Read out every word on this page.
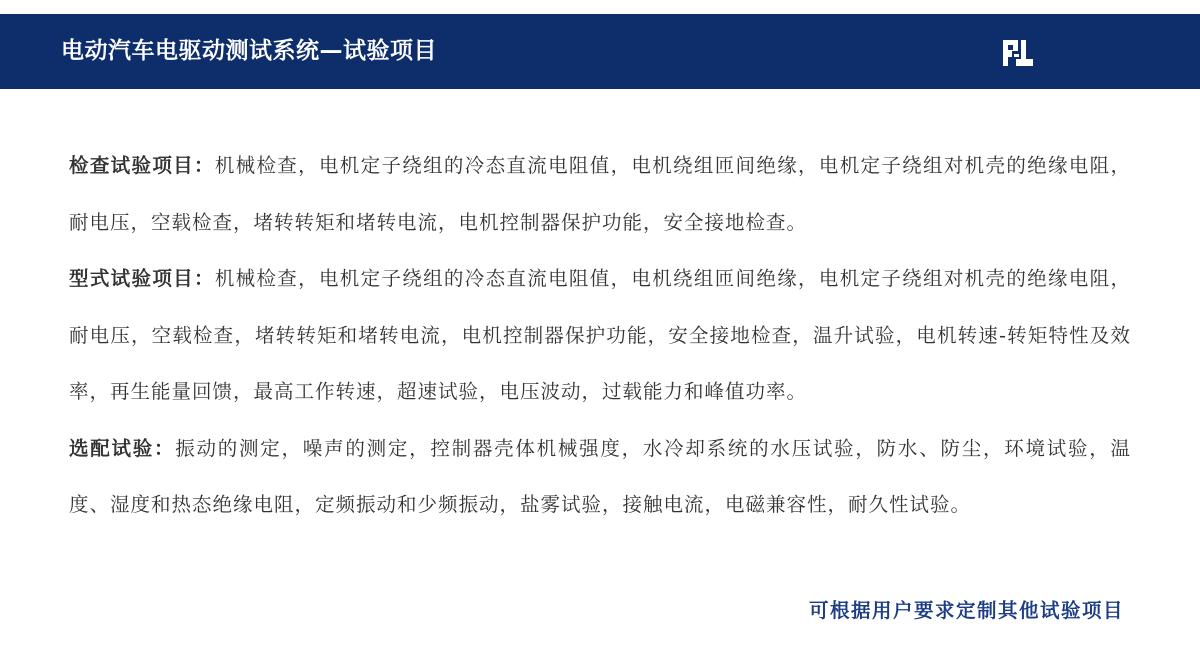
电动汽车电驱动测试系统—试验项目

检查试验项目：机械检查，电机定子绕组的冷态直流电阻值，电机绕组匝间绝缘，电机定子绕组对机壳的绝缘电阻，耐电压，空载检查，堵转转矩和堵转电流，电机控制器保护功能，安全接地检查。

型式试验项目：机械检查，电机定子绕组的冷态直流电阻值，电机绕组匝间绝缘，电机定子绕组对机壳的绝缘电阻，耐电压，空载检查，堵转转矩和堵转电流，电机控制器保护功能，安全接地检查，温升试验，电机转速-转矩特性及效率，再生能量回馈，最高工作转速，超速试验，电压波动，过载能力和峰值功率。

选配试验：振动的测定，噪声的测定，控制器壳体机械强度，水冷却系统的水压试验，防水、防尘，环境试验，温度、湿度和热态绝缘电阻，定频振动和少频振动，盐雾试验，接触电流，电磁兼容性，耐久性试验。

可根据用户要求定制其他试验项目
